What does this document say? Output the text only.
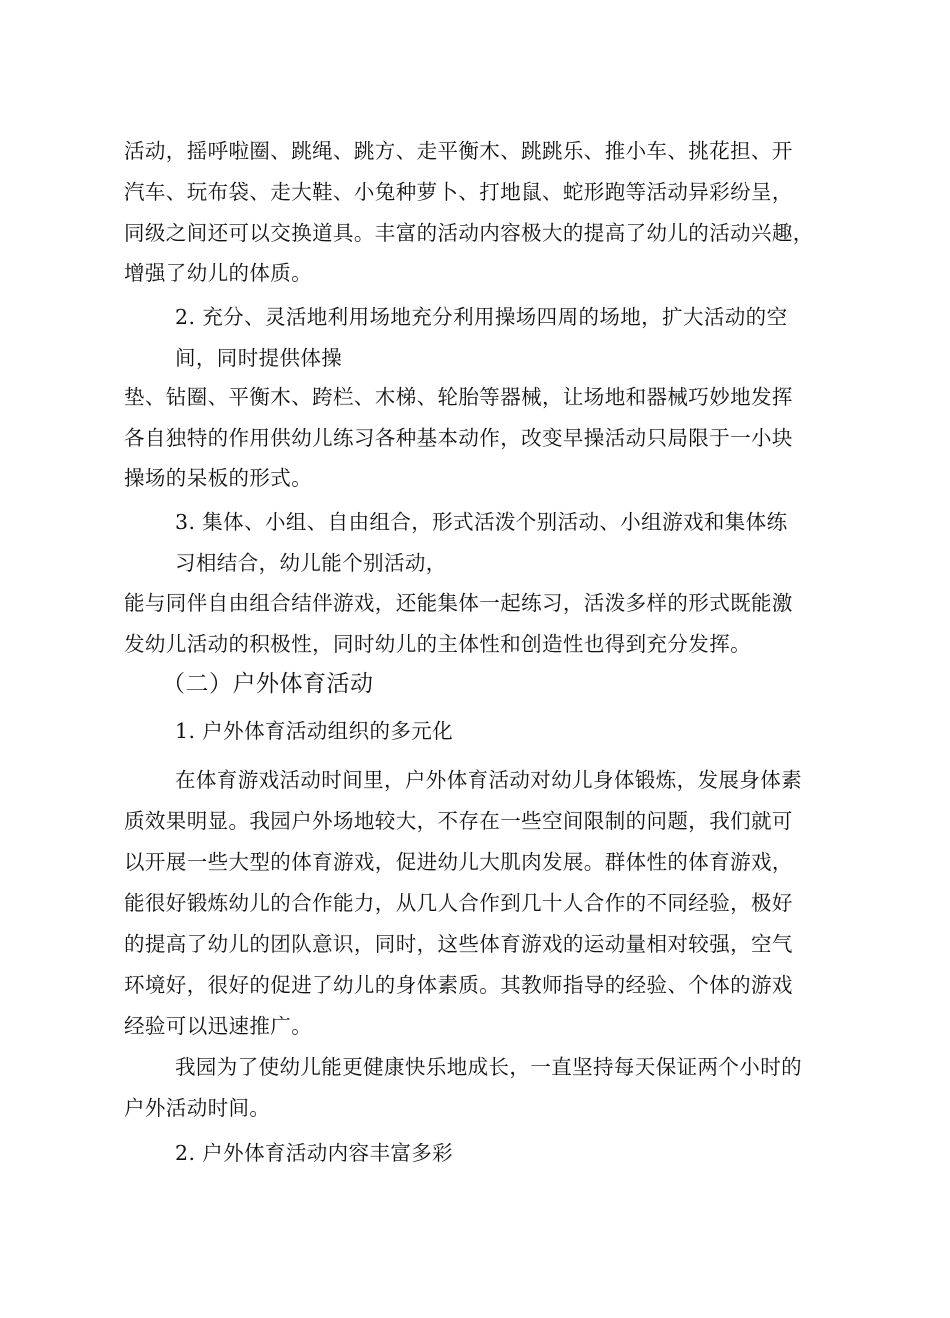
活动，摇呼啦圈、跳绳、跳方、走平衡木、跳跳乐、推小车、挑花担、开
汽车、玩布袋、走大鞋、小兔种萝卜、打地鼠、蛇形跑等活动异彩纷呈，
同级之间还可以交换道具。丰富的活动内容极大的提高了幼儿的活动兴趣，
增强了幼儿的体质。
2. 充分、灵活地利用场地充分利用操场四周的场地，扩大活动的空
间，同时提供体操
垫、钻圈、平衡木、跨栏、木梯、轮胎等器械，让场地和器械巧妙地发挥
各自独特的作用供幼儿练习各种基本动作，改变早操活动只局限于一小块
操场的呆板的形式。
3. 集体、小组、自由组合，形式活泼个别活动、小组游戏和集体练
习相结合，幼儿能个别活动，
能与同伴自由组合结伴游戏，还能集体一起练习，活泼多样的形式既能激
发幼儿活动的积极性，同时幼儿的主体性和创造性也得到充分发挥。
（二）户外体育活动
1. 户外体育活动组织的多元化
在体育游戏活动时间里，户外体育活动对幼儿身体锻炼，发展身体素
质效果明显。我园户外场地较大，不存在一些空间限制的问题，我们就可
以开展一些大型的体育游戏，促进幼儿大肌肉发展。群体性的体育游戏，
能很好锻炼幼儿的合作能力，从几人合作到几十人合作的不同经验，极好
的提高了幼儿的团队意识，同时，这些体育游戏的运动量相对较强，空气
环境好，很好的促进了幼儿的身体素质。其教师指导的经验、个体的游戏
经验可以迅速推广。
我园为了使幼儿能更健康快乐地成长，一直坚持每天保证两个小时的
户外活动时间。
2. 户外体育活动内容丰富多彩
